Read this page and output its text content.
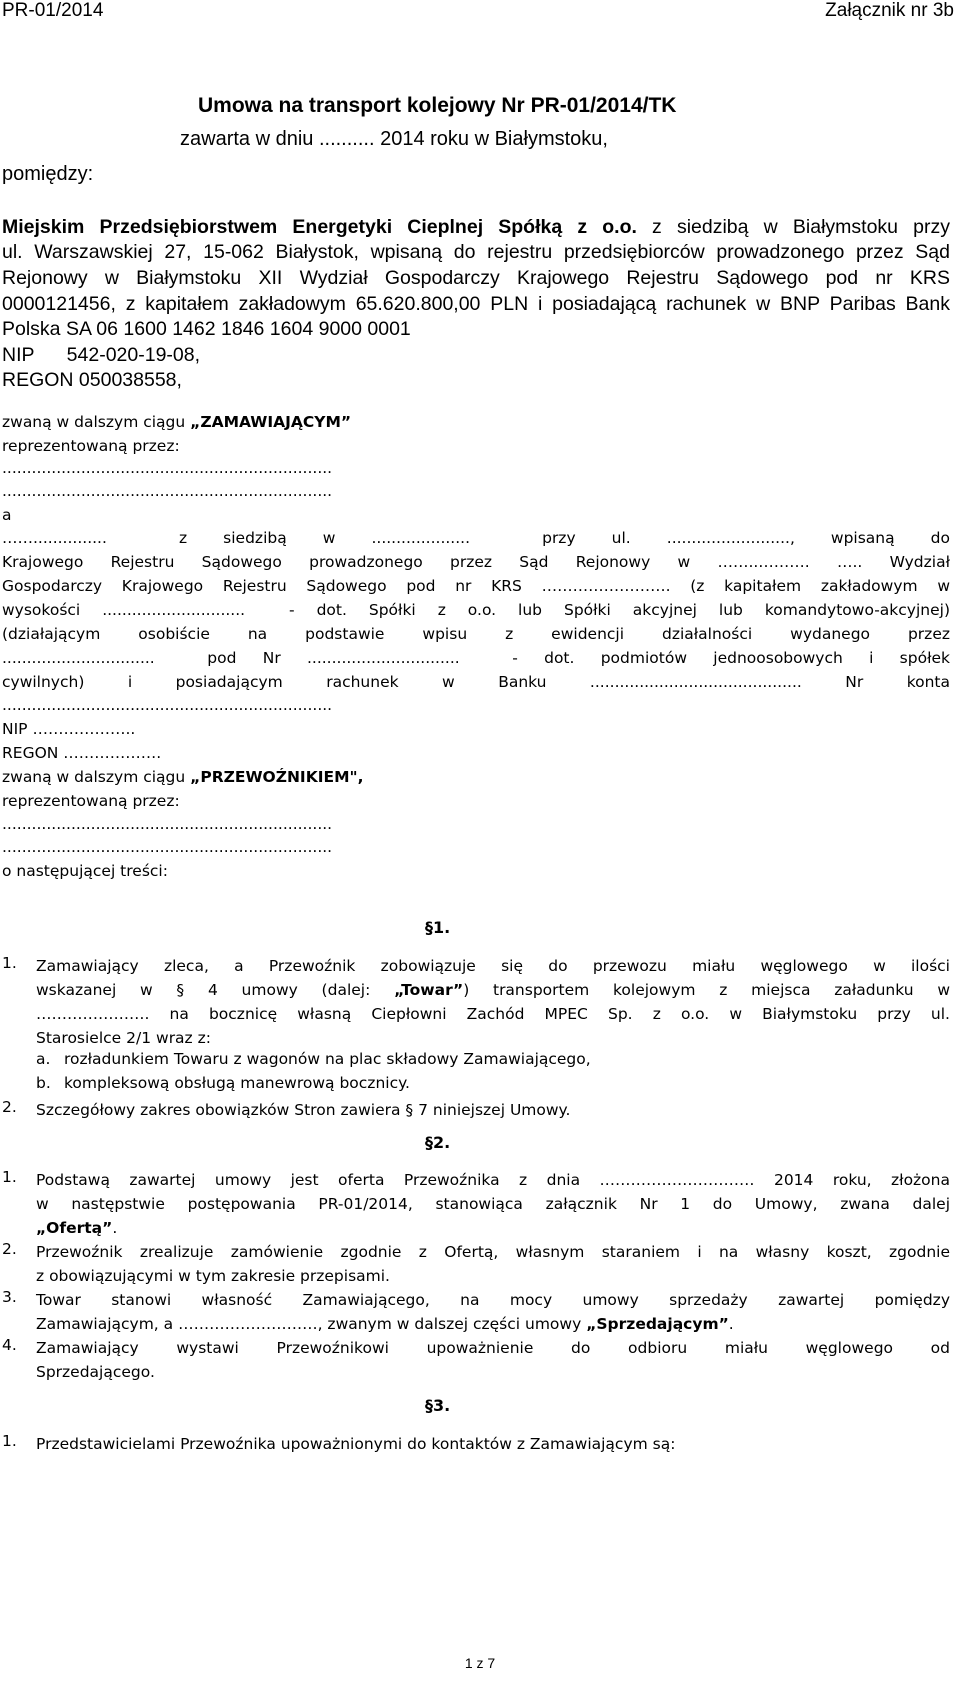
PR-01/2014	Załącznik nr 3b
Umowa na transport kolejowy Nr PR-01/2014/TK
zawarta w dniu .......... 2014 roku w Białymstoku,
pomiędzy:
Miejskim Przedsiębiorstwem Energetyki Cieplnej Spółką z o.o. z siedzibą w Białymstoku przy
ul. Warszawskiej 27, 15-062 Białystok, wpisaną do rejestru przedsiębiorców prowadzonego przez Sąd
Rejonowy w Białymstoku XII Wydział Gospodarczy Krajowego Rejestru Sądowego pod nr KRS
0000121456, z kapitałem zakładowym 65.620.800,00 PLN i posiadającą rachunek w BNP Paribas Bank
Polska SA 06 1600 1462 1846 1604 9000 0001
NIP      542-020-19-08,
REGON 050038558,
zwaną w dalszym ciągu „ZAMAWIAJĄCYM”
reprezentowaną przez:
...................................................................
...................................................................
a
……...............  z siedzibą w ....................  przy ul. ........................., wpisaną do
Krajowego Rejestru Sądowego prowadzonego przez Sąd Rejonowy w ……..………. ….. Wydział
Gospodarczy Krajowego Rejestru Sądowego pod nr KRS ……………………. (z kapitałem zakładowym w
wysokości .............................  - dot. Spółki z o.o. lub Spółki akcyjnej lub komandytowo-akcyjnej)
(działającym osobiście na podstawie wpisu z ewidencji działalności wydanego przez
...............................  pod Nr ...............................  - dot. podmiotów jednoosobowych i spółek
cywilnych) i posiadającym rachunek w Banku ........................................... Nr konta
...................................................................
NIP ………………..
REGON ……………….
zwaną w dalszym ciągu „PRZEWOŹNIKIEM",
reprezentowaną przez:
...................................................................
...................................................................
o następującej treści:
§1.
1. Zamawiający zleca, a Przewoźnik zobowiązuje się do przewozu miału węglowego w ilości
wskazanej w § 4 umowy (dalej: „Towar”) transportem kolejowym z miejsca załadunku w
…………………. na bocznicę własną Ciepłowni Zachód MPEC Sp. z o.o. w Białymstoku przy ul.
Starosielce 2/1 wraz z:
a. rozładunkiem Towaru z wagonów na plac składowy Zamawiającego,
b. kompleksową obsługą manewrową bocznicy.
2. Szczegółowy zakres obowiązków Stron zawiera § 7 niniejszej Umowy.
§2.
1. Podstawą zawartej umowy jest oferta Przewoźnika z dnia ………………………… 2014 roku, złożona
w następstwie postępowania PR-01/2014, stanowiąca załącznik Nr 1 do Umowy, zwana dalej
„Ofertą”.
2. Przewoźnik zrealizuje zamówienie zgodnie z Ofertą, własnym staraniem i na własny koszt, zgodnie
z obowiązującymi w tym zakresie przepisami.
3. Towar stanowi własność Zamawiającego, na mocy umowy sprzedaży zawartej pomiędzy
Zamawiającym, a ………………………, zwanym w dalszej części umowy „Sprzedającym”.
4. Zamawiający wystawi Przewoźnikowi upoważnienie do odbioru miału węglowego od
Sprzedającego.
§3.
1. Przedstawicielami Przewoźnika upoważnionymi do kontaktów z Zamawiającym są:
1 z 7
